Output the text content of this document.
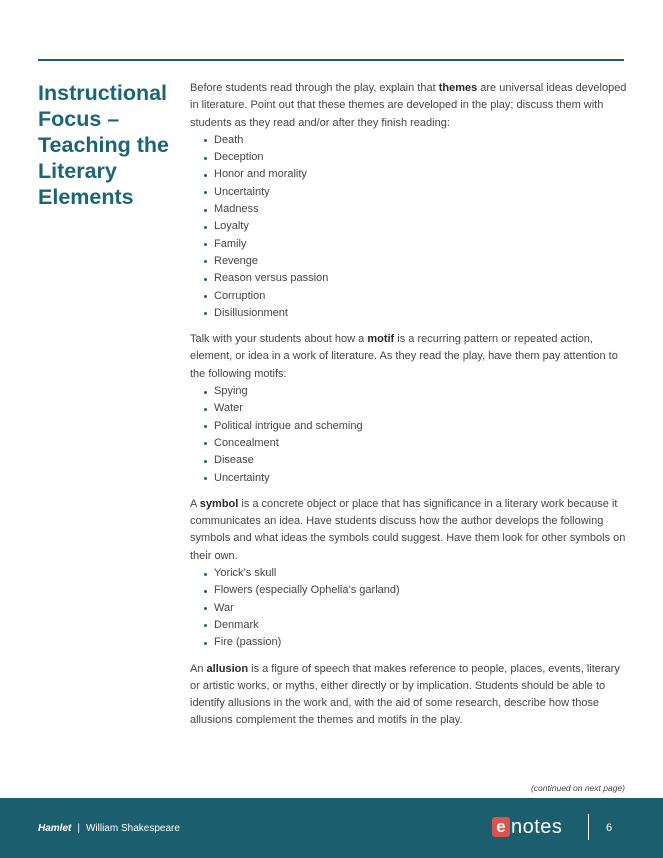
Instructional
Focus –
Teaching the
Literary
Elements

Before students read through the play, explain that themes are universal ideas developed in literature. Point out that these themes are developed in the play; discuss them with students as they read and/or after they finish reading:

Death
Deception
Honor and morality
Uncertainty
Madness
Loyalty
Family
Revenge
Reason versus passion
Corruption
Disillusionment

Talk with your students about how a motif is a recurring pattern or repeated action, element, or idea in a work of literature. As they read the play, have them pay attention to the following motifs:

Spying
Water
Political intrigue and scheming
Concealment
Disease
Uncertainty

A symbol is a concrete object or place that has significance in a literary work because it communicates an idea. Have students discuss how the author develops the following symbols and what ideas the symbols could suggest. Have them look for other symbols on their own.

Yorick’s skull
Flowers (especially Ophelia’s garland)
War
Denmark
Fire (passion)

An allusion is a figure of speech that makes reference to people, places, events, literary or artistic works, or myths, either directly or by implication. Students should be able to identify allusions in the work and, with the aid of some research, describe how those allusions complement the themes and motifs in the play.

(continued on next page)
Hamlet | William Shakespeare	e notes	6
